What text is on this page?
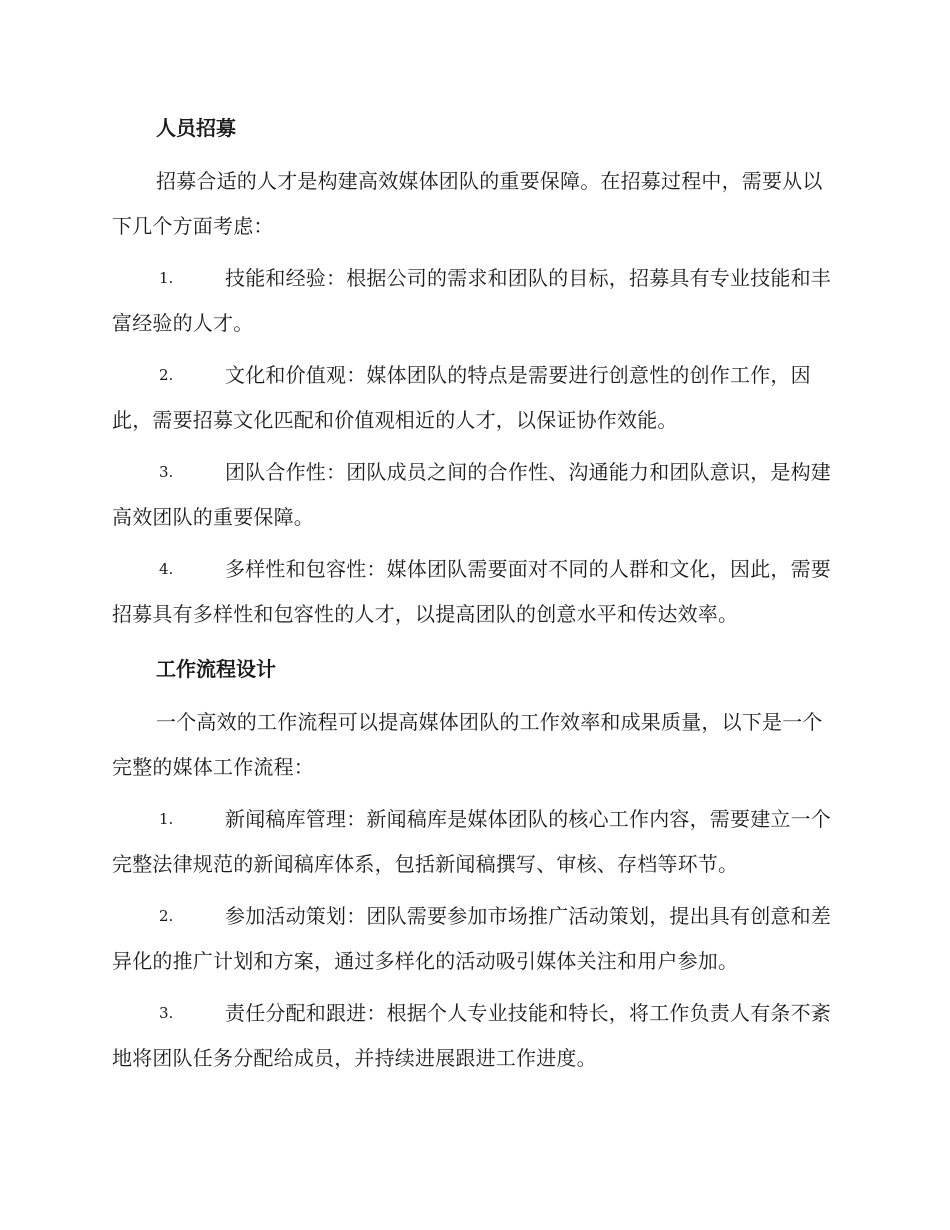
人员招募
招募合适的人才是构建高效媒体团队的重要保障。在招募过程中，需要从以下几个方面考虑：
1.	技能和经验：根据公司的需求和团队的目标，招募具有专业技能和丰富经验的人才。
2.	文化和价值观：媒体团队的特点是需要进行创意性的创作工作，因此，需要招募文化匹配和价值观相近的人才，以保证协作效能。
3.	团队合作性：团队成员之间的合作性、沟通能力和团队意识，是构建高效团队的重要保障。
4.	多样性和包容性：媒体团队需要面对不同的人群和文化，因此，需要招募具有多样性和包容性的人才，以提高团队的创意水平和传达效率。
工作流程设计
一个高效的工作流程可以提高媒体团队的工作效率和成果质量，以下是一个完整的媒体工作流程：
1.	新闻稿库管理：新闻稿库是媒体团队的核心工作内容，需要建立一个完整法律规范的新闻稿库体系，包括新闻稿撰写、审核、存档等环节。
2.	参加活动策划：团队需要参加市场推广活动策划，提出具有创意和差异化的推广计划和方案，通过多样化的活动吸引媒体关注和用户参加。
3.	责任分配和跟进：根据个人专业技能和特长，将工作负责人有条不紊地将团队任务分配给成员，并持续进展跟进工作进度。
